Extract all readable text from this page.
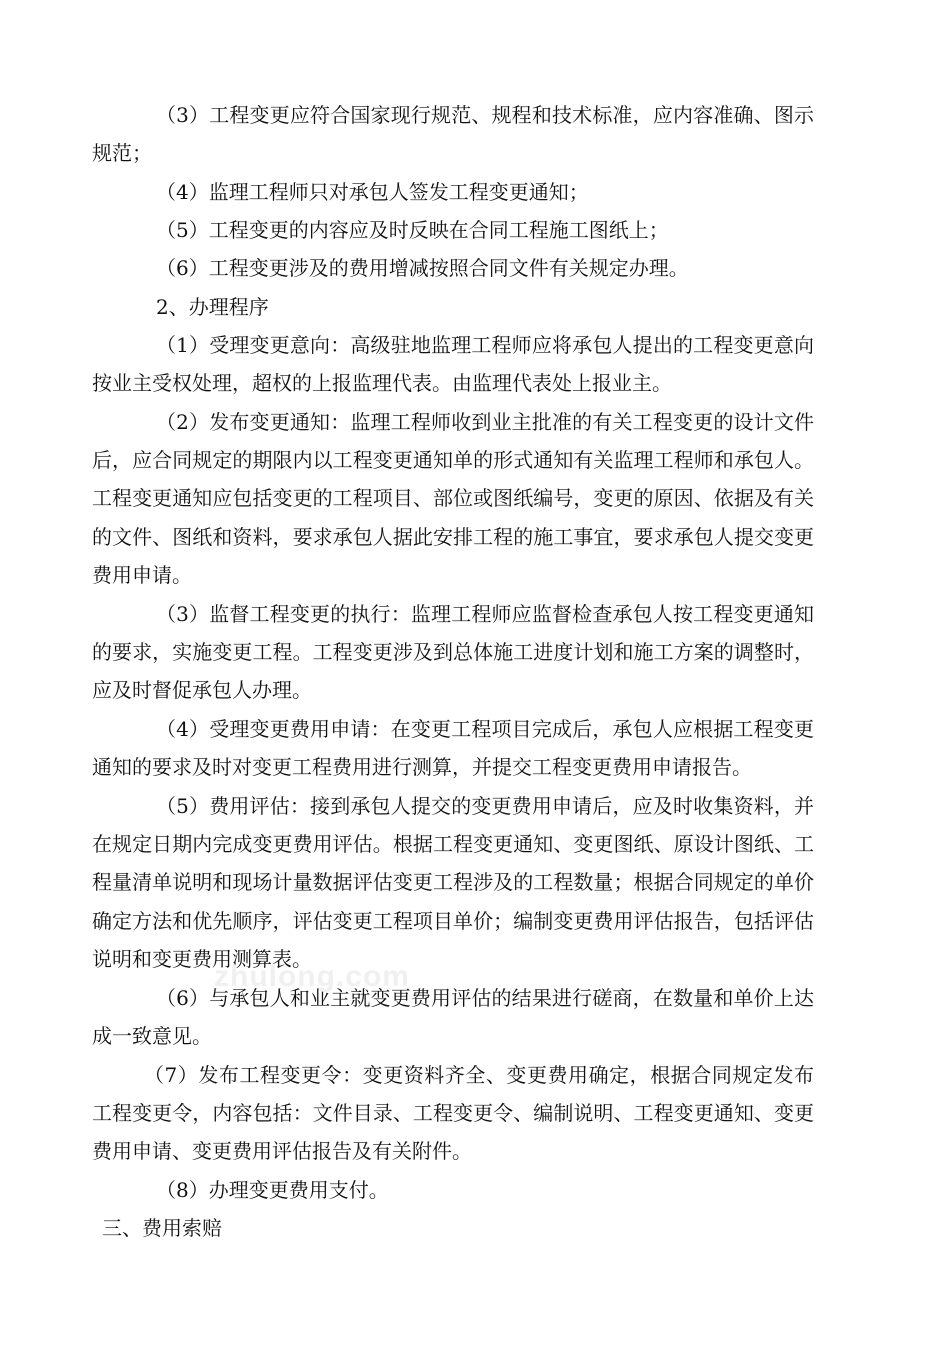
（3）工程变更应符合国家现行规范、规程和技术标准，应内容准确、图示规范；

（4）监理工程师只对承包人签发工程变更通知；

（5）工程变更的内容应及时反映在合同工程施工图纸上；

（6）工程变更涉及的费用增减按照合同文件有关规定办理。

2、办理程序

（1）受理变更意向：高级驻地监理工程师应将承包人提出的工程变更意向按业主受权处理，超权的上报监理代表。由监理代表处上报业主。

（2）发布变更通知：监理工程师收到业主批准的有关工程变更的设计文件后，应合同规定的期限内以工程变更通知单的形式通知有关监理工程师和承包人。工程变更通知应包括变更的工程项目、部位或图纸编号，变更的原因、依据及有关的文件、图纸和资料，要求承包人据此安排工程的施工事宜，要求承包人提交变更费用申请。

（3）监督工程变更的执行：监理工程师应监督检查承包人按工程变更通知的要求，实施变更工程。工程变更涉及到总体施工进度计划和施工方案的调整时，应及时督促承包人办理。

（4）受理变更费用申请：在变更工程项目完成后，承包人应根据工程变更通知的要求及时对变更工程费用进行测算，并提交工程变更费用申请报告。

（5）费用评估：接到承包人提交的变更费用申请后，应及时收集资料，并在规定日期内完成变更费用评估。根据工程变更通知、变更图纸、原设计图纸、工程量清单说明和现场计量数据评估变更工程涉及的工程数量；根据合同规定的单价确定方法和优先顺序，评估变更工程项目单价；编制变更费用评估报告，包括评估说明和变更费用测算表。

（6）与承包人和业主就变更费用评估的结果进行磋商，在数量和单价上达成一致意见。

（7）发布工程变更令：变更资料齐全、变更费用确定，根据合同规定发布工程变更令，内容包括：文件目录、工程变更令、编制说明、工程变更通知、变更费用申请、变更费用评估报告及有关附件。

（8）办理变更费用支付。

三、费用索赔

zhulong.com
